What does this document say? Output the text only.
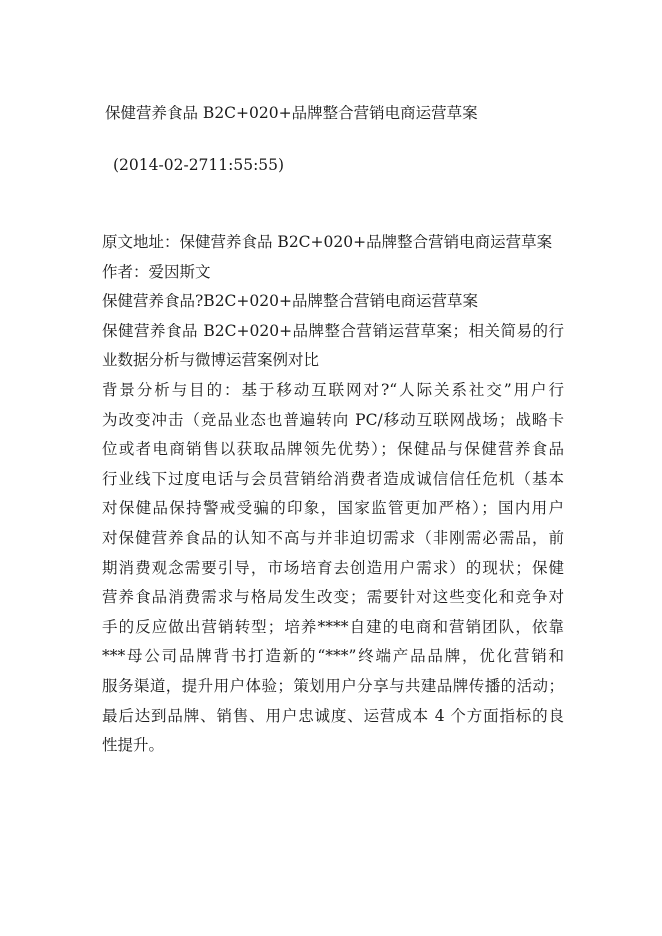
保健营养食品 B2C+020+品牌整合营销电商运营草案
(2014-02-2711:55:55)
原文地址：保健营养食品 B2C+020+品牌整合营销电商运营草案
作者：爱因斯文
保健营养食品?B2C+020+品牌整合营销电商运营草案
保健营养食品 B2C+020+品牌整合营销运营草案；相关简易的行
业数据分析与微博运营案例对比
背景分析与目的：基于移动互联网对?“人际关系社交”用户行
为改变冲击（竞品业态也普遍转向 PC/移动互联网战场；战略卡
位或者电商销售以获取品牌领先优势）；保健品与保健营养食品
行业线下过度电话与会员营销给消费者造成诚信信任危机（基本
对保健品保持警戒受骗的印象，国家监管更加严格）；国内用户
对保健营养食品的认知不高与并非迫切需求（非刚需必需品，前
期消费观念需要引导，市场培育去创造用户需求）的现状；保健
营养食品消费需求与格局发生改变；需要针对这些变化和竞争对
手的反应做出营销转型；培养****自建的电商和营销团队，依靠
***母公司品牌背书打造新的“***”终端产品品牌，优化营销和
服务渠道，提升用户体验；策划用户分享与共建品牌传播的活动；
最后达到品牌、销售、用户忠诚度、运营成本 4 个方面指标的良
性提升。
